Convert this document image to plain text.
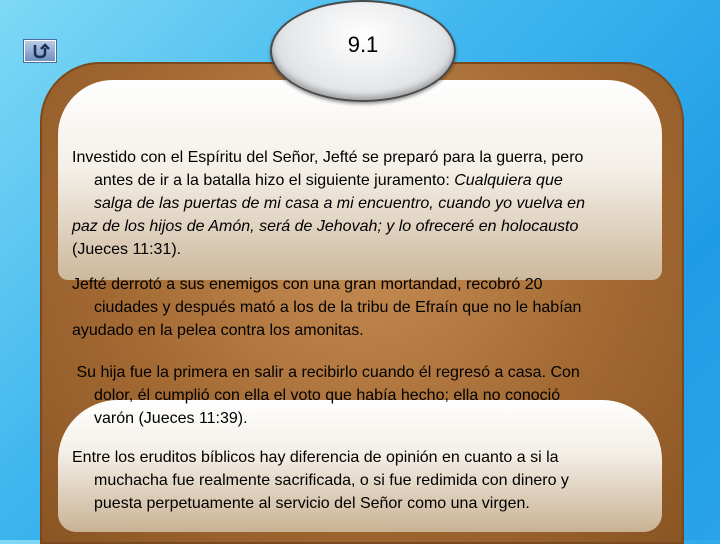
9.1
Investido con el Espíritu del Señor, Jefté se preparó para la guerra, pero
antes de ir a la batalla hizo el siguiente juramento: Cualquiera que
salga de las puertas de mi casa a mi encuentro, cuando yo vuelva en
paz de los hijos de Amón, será de Jehovah; y lo ofreceré en holocausto
(Jueces 11:31).
Jefté derrotó a sus enemigos con una gran mortandad, recobró 20
ciudades y después mató a los de la tribu de Efraín que no le habían
ayudado en la pelea contra los amonitas.
Su hija fue la primera en salir a recibirlo cuando él regresó a casa. Con
dolor, él cumplió con ella el voto que había hecho; ella no conoció
varón (Jueces 11:39).
Entre los eruditos bíblicos hay diferencia de opinión en cuanto a si la
muchacha fue realmente sacrificada, o si fue redimida con dinero y
puesta perpetuamente al servicio del Señor como una virgen.
